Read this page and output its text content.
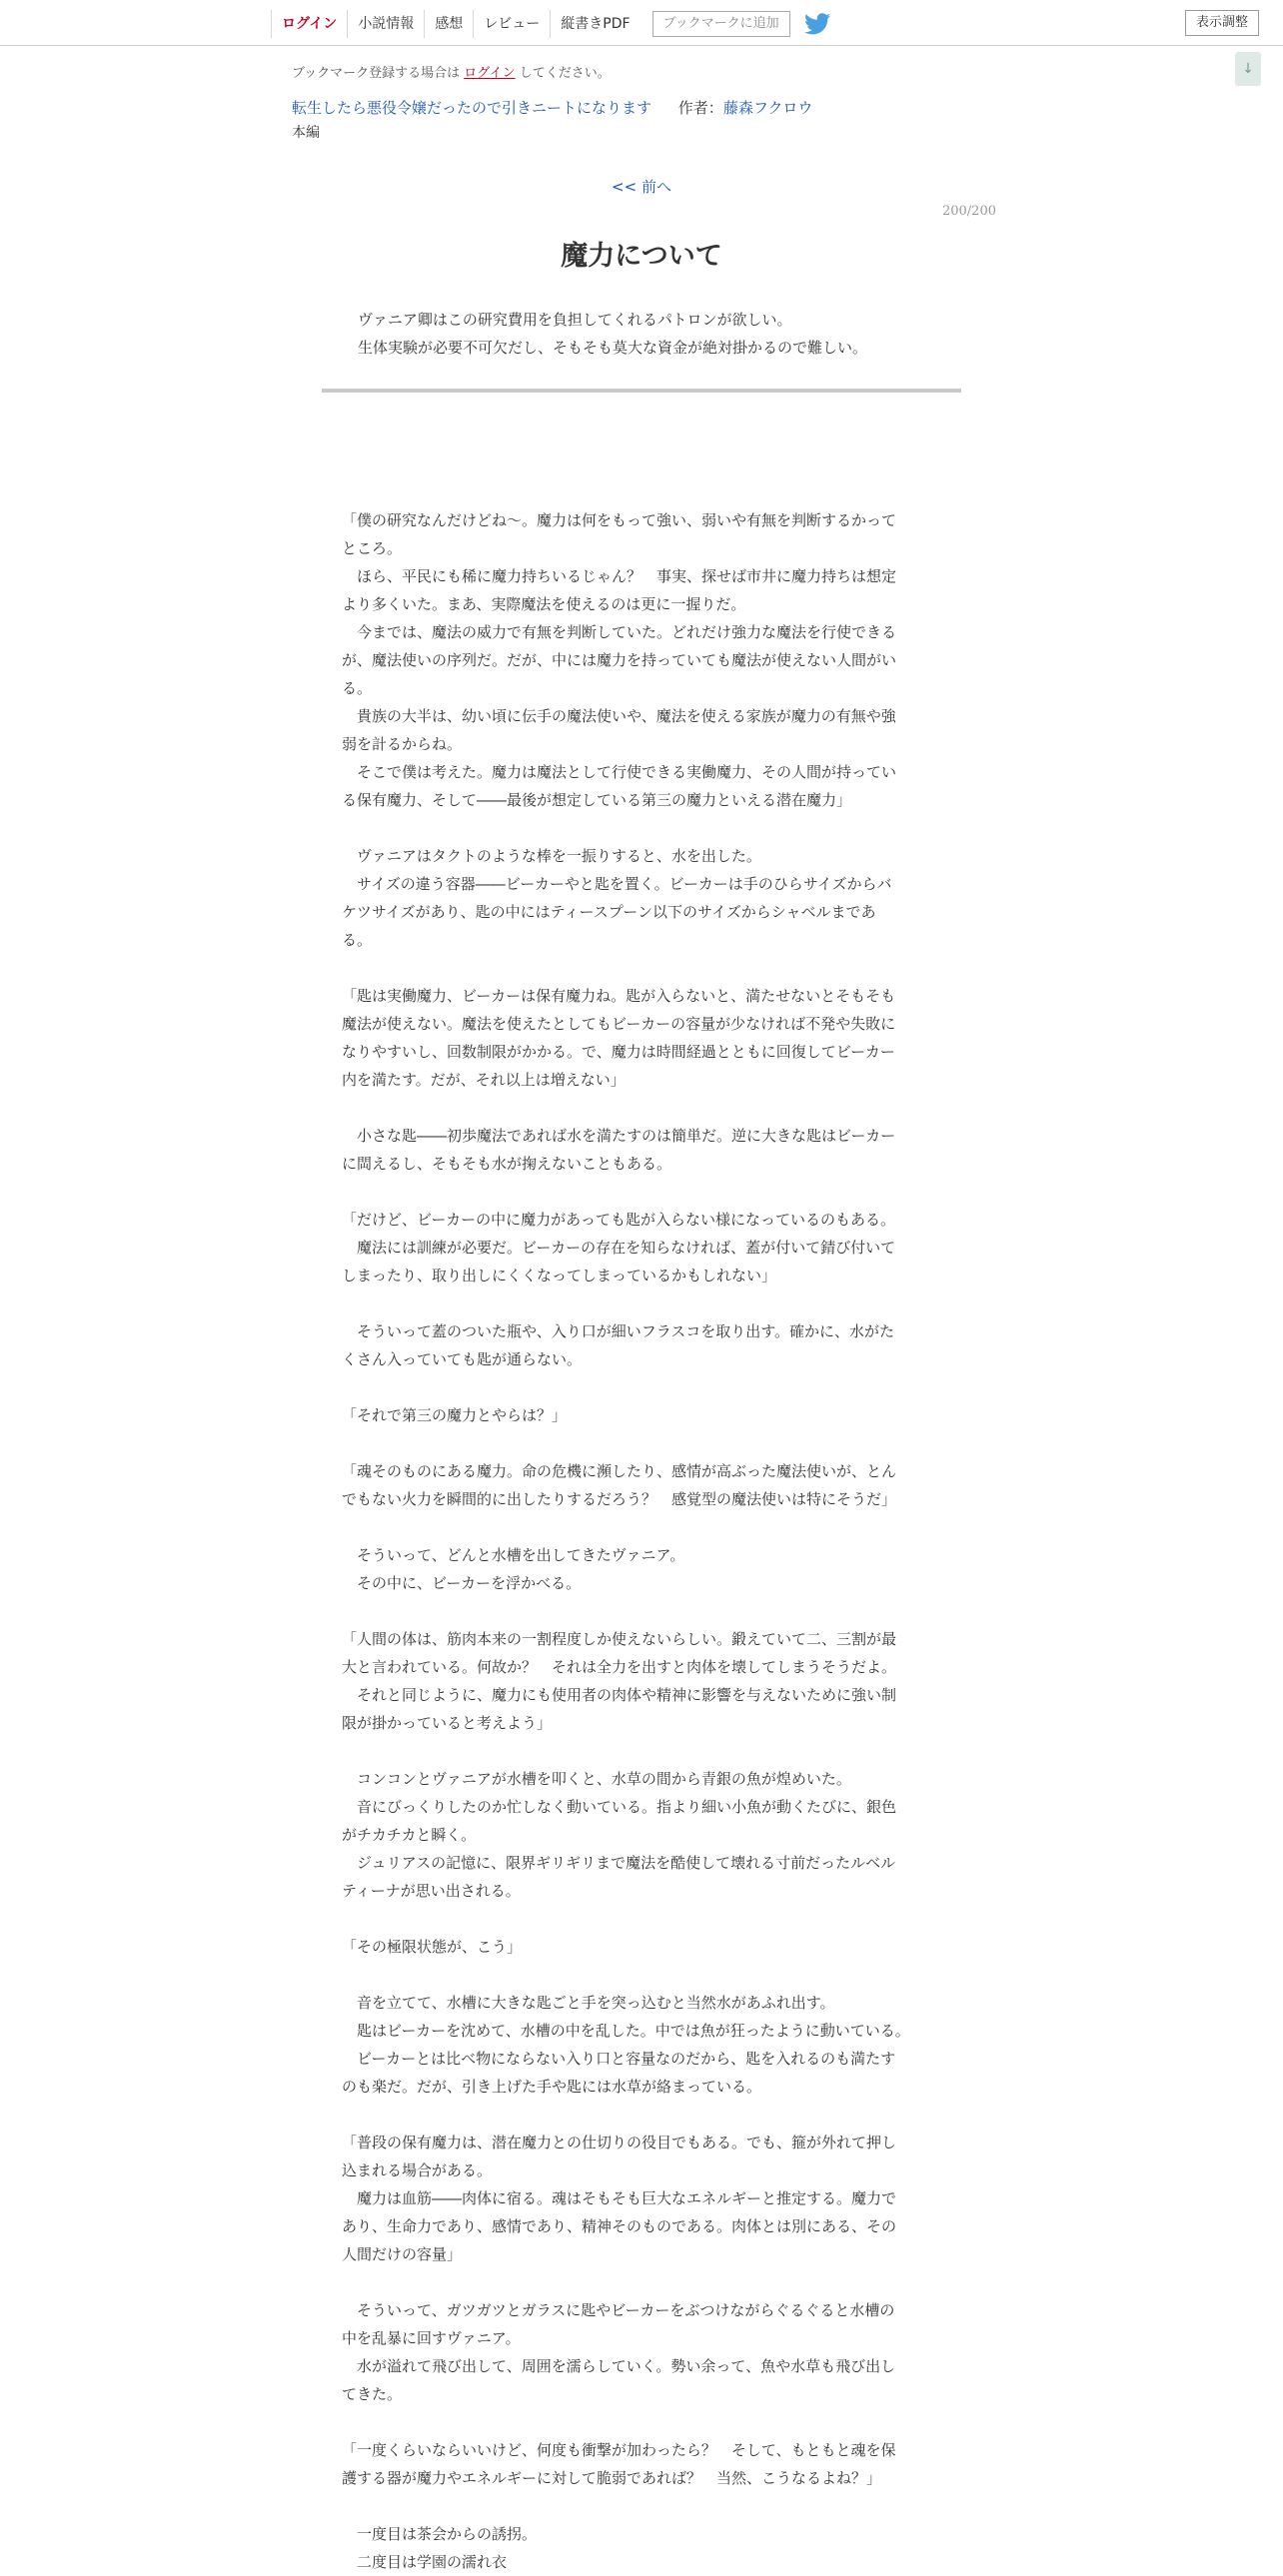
ログイン	小説情報	感想	レビュー	縦書きPDF	ブックマークに追加	表示調整
↓
ブックマーク登録する場合は ログイン してください。
転生したら悪役令嬢だったので引きニートになります 作者：藤森フクロウ
本編
<< 前へ
200/200
魔力について
ヴァニア卿はこの研究費用を負担してくれるパトロンが欲しい。
生体実験が必要不可欠だし、そもそも莫大な資金が絶対掛かるので難しい。

「僕の研究なんだけどね～。魔力は何をもって強い、弱いや有無を判断するかって

ところ。

　ほら、平民にも稀に魔力持ちいるじゃん？　事実、探せば市井に魔力持ちは想定

より多くいた。まあ、実際魔法を使えるのは更に一握りだ。

　今までは、魔法の威力で有無を判断していた。どれだけ強力な魔法を行使できる

が、魔法使いの序列だ。だが、中には魔力を持っていても魔法が使えない人間がい

る。

　貴族の大半は、幼い頃に伝手の魔法使いや、魔法を使える家族が魔力の有無や強

弱を計るからね。

　そこで僕は考えた。魔力は魔法として行使できる実働魔力、その人間が持ってい

る保有魔力、そして――最後が想定している第三の魔力といえる潜在魔力」

　ヴァニアはタクトのような棒を一振りすると、水を出した。

　サイズの違う容器――ビーカーやと匙を置く。ビーカーは手のひらサイズからバ

ケツサイズがあり、匙の中にはティースプーン以下のサイズからシャベルまであ

る。

「匙は実働魔力、ビーカーは保有魔力ね。匙が入らないと、満たせないとそもそも

魔法が使えない。魔法を使えたとしてもビーカーの容量が少なければ不発や失敗に

なりやすいし、回数制限がかかる。で、魔力は時間経過とともに回復してビーカー

内を満たす。だが、それ以上は増えない」

　小さな匙――初歩魔法であれば水を満たすのは簡単だ。逆に大きな匙はビーカー

に閊えるし、そもそも水が掬えないこともある。

「だけど、ビーカーの中に魔力があっても匙が入らない様になっているのもある。

　魔法には訓練が必要だ。ビーカーの存在を知らなければ、蓋が付いて錆び付いて

しまったり、取り出しにくくなってしまっているかもしれない」

　そういって蓋のついた瓶や、入り口が細いフラスコを取り出す。確かに、水がた

くさん入っていても匙が通らない。

「それで第三の魔力とやらは？」

「魂そのものにある魔力。命の危機に瀕したり、感情が高ぶった魔法使いが、とん

でもない火力を瞬間的に出したりするだろう？　感覚型の魔法使いは特にそうだ」

　そういって、どんと水槽を出してきたヴァニア。

　その中に、ビーカーを浮かべる。

「人間の体は、筋肉本来の一割程度しか使えないらしい。鍛えていて二、三割が最

大と言われている。何故か？　それは全力を出すと肉体を壊してしまうそうだよ。

　それと同じように、魔力にも使用者の肉体や精神に影響を与えないために強い制

限が掛かっていると考えよう」

　コンコンとヴァニアが水槽を叩くと、水草の間から青銀の魚が煌めいた。

　音にびっくりしたのか忙しなく動いている。指より細い小魚が動くたびに、銀色

がチカチカと瞬く。

　ジュリアスの記憶に、限界ギリギリまで魔法を酷使して壊れる寸前だったルベル

ティーナが思い出される。

「その極限状態が、こう」

　音を立てて、水槽に大きな匙ごと手を突っ込むと当然水があふれ出す。

　匙はビーカーを沈めて、水槽の中を乱した。中では魚が狂ったように動いている。

　ビーカーとは比べ物にならない入り口と容量なのだから、匙を入れるのも満たす

のも楽だ。だが、引き上げた手や匙には水草が絡まっている。

「普段の保有魔力は、潜在魔力との仕切りの役目でもある。でも、箍が外れて押し

込まれる場合がある。

　魔力は血筋――肉体に宿る。魂はそもそも巨大なエネルギーと推定する。魔力で

あり、生命力であり、感情であり、精神そのものである。肉体とは別にある、その

人間だけの容量」

　そういって、ガツガツとガラスに匙やビーカーをぶつけながらぐるぐると水槽の

中を乱暴に回すヴァニア。

　水が溢れて飛び出して、周囲を濡らしていく。勢い余って、魚や水草も飛び出し

てきた。

「一度くらいならいいけど、何度も衝撃が加わったら？　そして、もともと魂を保

護する器が魔力やエネルギーに対して脆弱であれば？　当然、こうなるよね？」

　一度目は茶会からの誘拐。

　二度目は学園の濡れ衣
